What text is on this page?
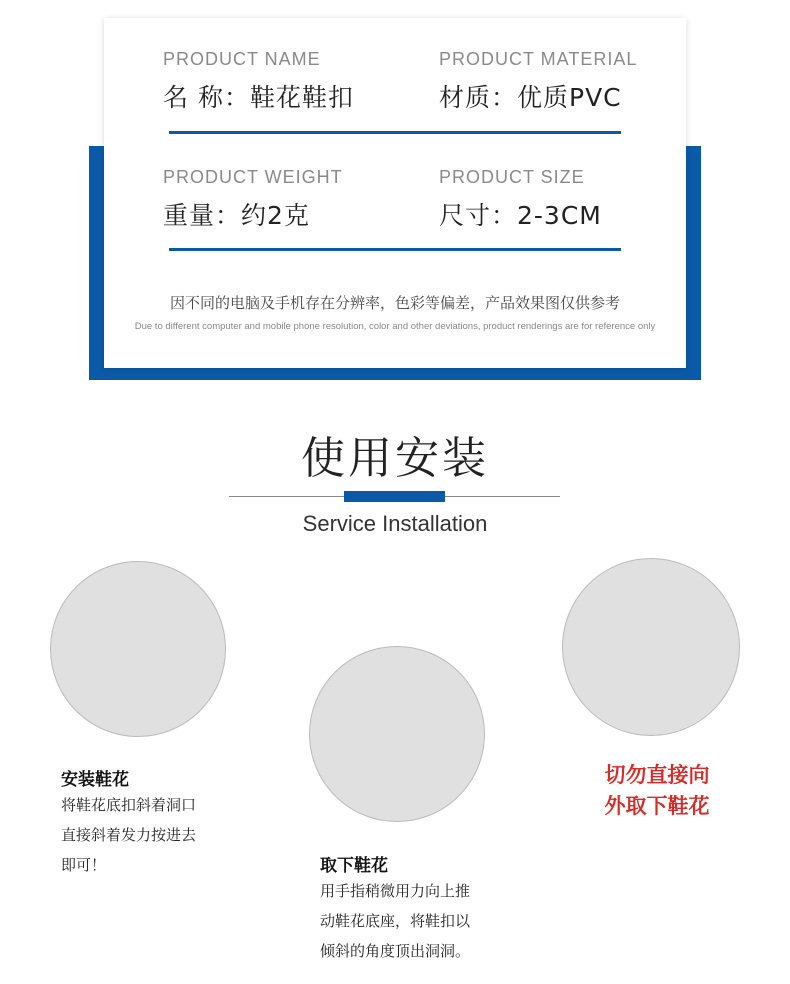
PRODUCT NAME
名 称：鞋花鞋扣
PRODUCT MATERIAL
材质：优质PVC
PRODUCT WEIGHT
重量：约2克
PRODUCT SIZE
尺寸：2-3CM
因不同的电脑及手机存在分辨率，色彩等偏差，产品效果图仅供参考
Due to different computer and mobile phone resolution, color and other deviations, product renderings are for reference only
使用安装
Service Installation
安装鞋花
将鞋花底扣斜着洞口
直接斜着发力按进去
即可！	取下鞋花
用手指稍微用力向上推
动鞋花底座，将鞋扣以
倾斜的角度顶出洞洞。
切勿直接向
外取下鞋花
